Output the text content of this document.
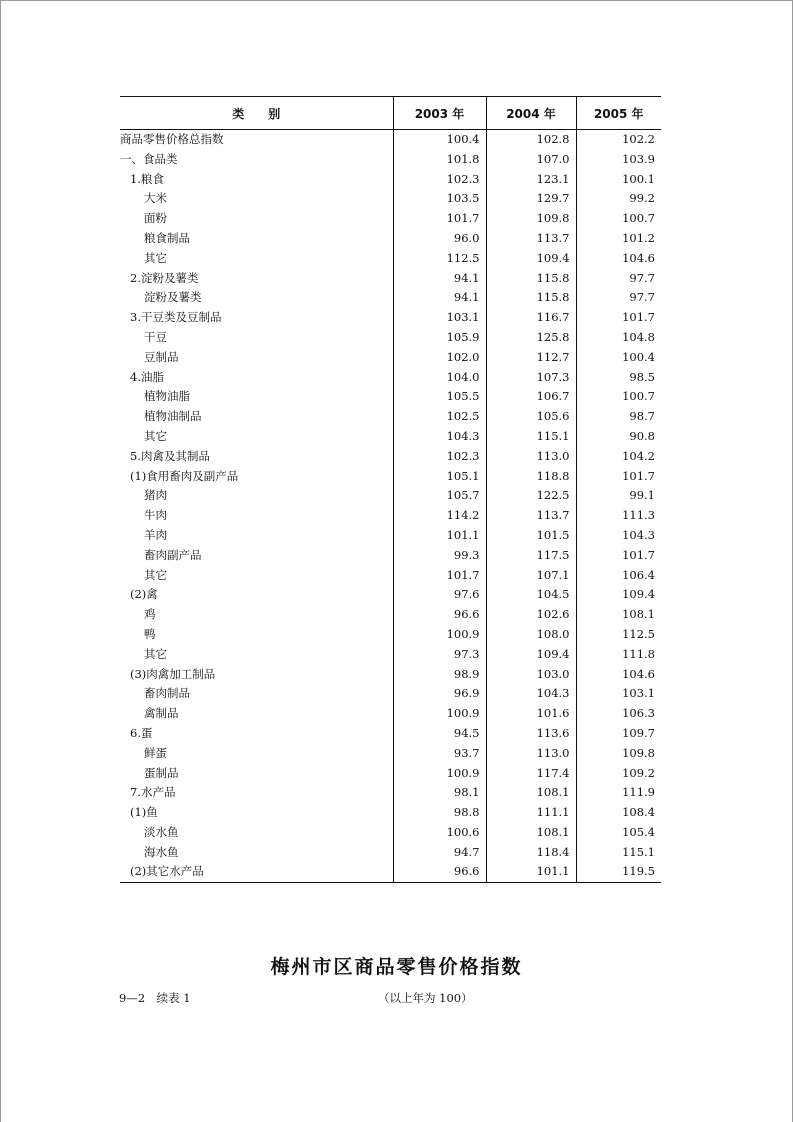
类　　别	2003 年	2004 年	2005 年
商品零售价格总指数	100.4	102.8	102.2
一、食品类	101.8	107.0	103.9
1.粮食	102.3	123.1	100.1
大米	103.5	129.7	99.2
面粉	101.7	109.8	100.7
粮食制品	96.0	113.7	101.2
其它	112.5	109.4	104.6
2.淀粉及薯类	94.1	115.8	97.7
淀粉及薯类	94.1	115.8	97.7
3.干豆类及豆制品	103.1	116.7	101.7
干豆	105.9	125.8	104.8
豆制品	102.0	112.7	100.4
4.油脂	104.0	107.3	98.5
植物油脂	105.5	106.7	100.7
植物油制品	102.5	105.6	98.7
其它	104.3	115.1	90.8
5.肉禽及其制品	102.3	113.0	104.2
(1)食用畜肉及副产品	105.1	118.8	101.7
猪肉	105.7	122.5	99.1
牛肉	114.2	113.7	111.3
羊肉	101.1	101.5	104.3
畜肉副产品	99.3	117.5	101.7
其它	101.7	107.1	106.4
(2)禽	97.6	104.5	109.4
鸡	96.6	102.6	108.1
鸭	100.9	108.0	112.5
其它	97.3	109.4	111.8
(3)肉禽加工制品	98.9	103.0	104.6
畜肉制品	96.9	104.3	103.1
禽制品	100.9	101.6	106.3
6.蛋	94.5	113.6	109.7
鲜蛋	93.7	113.0	109.8
蛋制品	100.9	117.4	109.2
7.水产品	98.1	108.1	111.9
(1)鱼	98.8	111.1	108.4
淡水鱼	100.6	108.1	105.4
海水鱼	94.7	118.4	115.1
(2)其它水产品	96.6	101.1	119.5
梅州市区商品零售价格指数
9—2　续表 1	（以上年为 100）
